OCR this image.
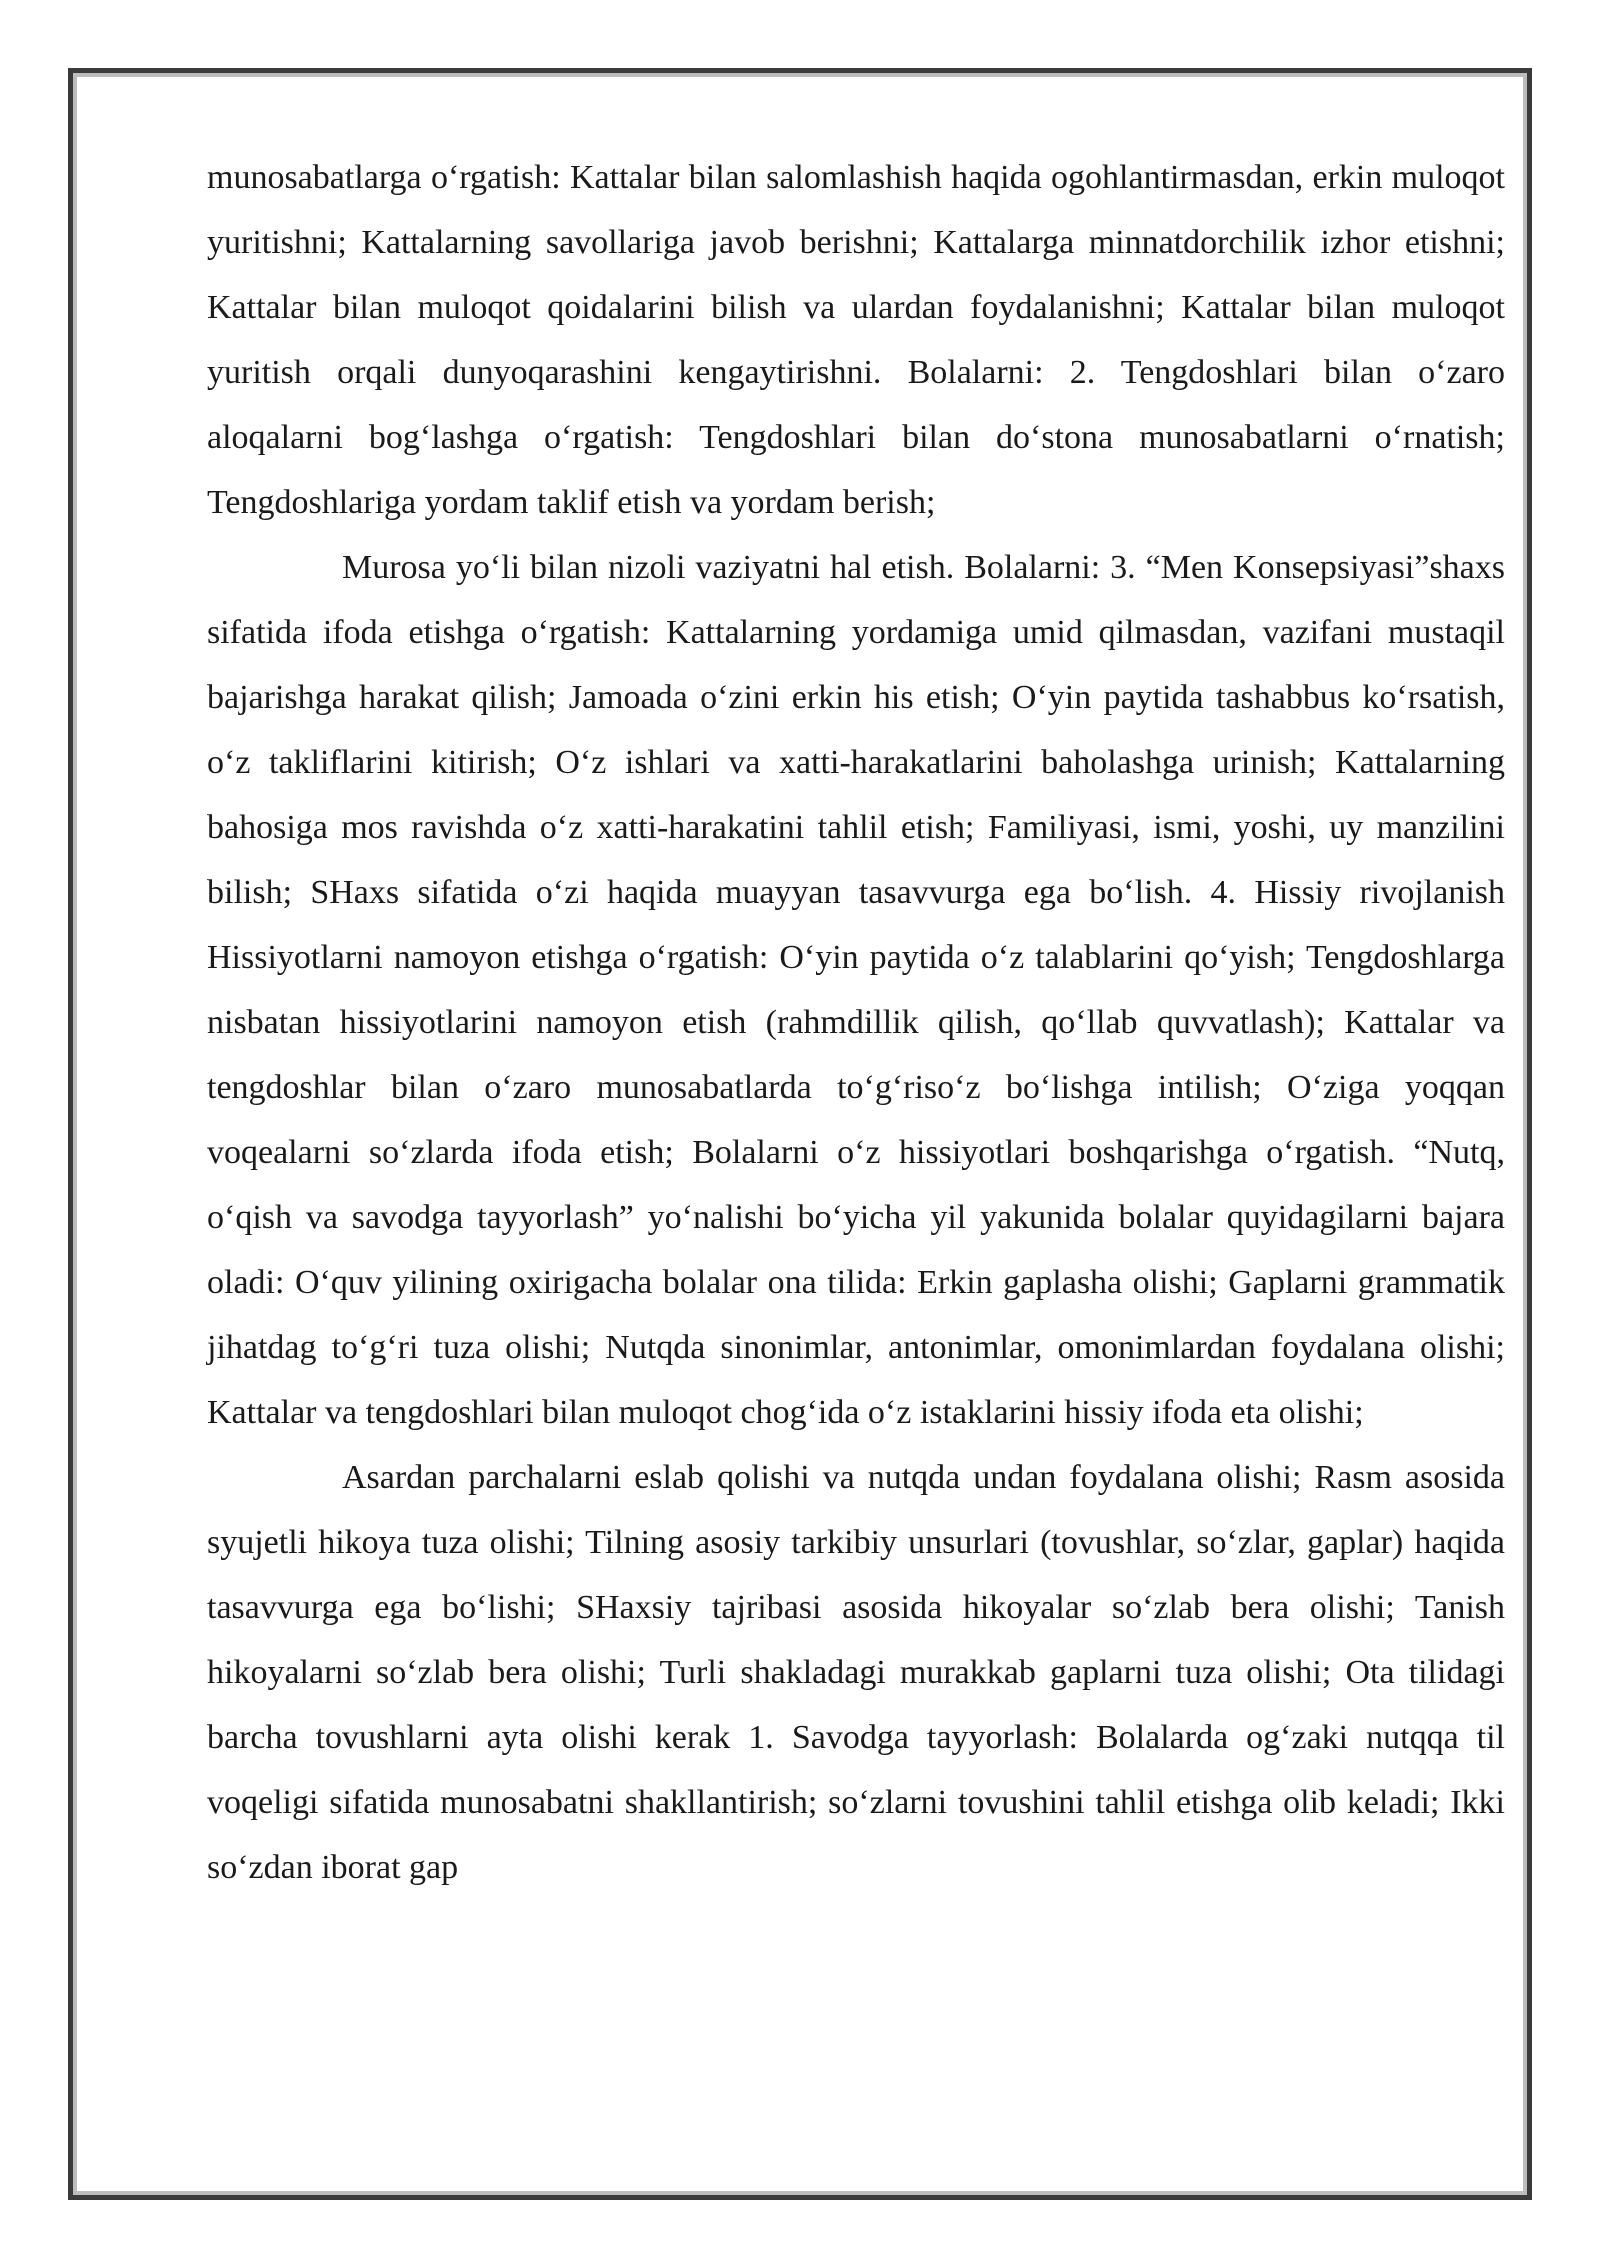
munosabatlarga o‘rgatish: Kattalar bilan salomlashish haqida ogohlantirmasdan, erkin muloqot yuritishni; Kattalarning savollariga javob berishni; Kattalarga minnatdorchilik izhor etishni; Kattalar bilan muloqot qoidalarini bilish va ulardan foydalanishni; Kattalar bilan muloqot yuritish orqali dunyoqarashini kengaytirishni. Bolalarni: 2. Tengdoshlari bilan o‘zaro aloqalarni bog‘lashga o‘rgatish: Tengdoshlari bilan do‘stona munosabatlarni o‘rnatish; Tengdoshlariga yordam taklif etish va yordam berish;

Murosa yo‘li bilan nizoli vaziyatni hal etish. Bolalarni: 3. “Men Konsepsiyasi”shaxs sifatida ifoda etishga o‘rgatish: Kattalarning yordamiga umid qilmasdan, vazifani mustaqil bajarishga harakat qilish; Jamoada o‘zini erkin his etish; O‘yin paytida tashabbus ko‘rsatish, o‘z takliflarini kitirish; O‘z ishlari va xatti-harakatlarini baholashga urinish; Kattalarning bahosiga mos ravishda o‘z xatti-harakatini tahlil etish; Familiyasi, ismi, yoshi, uy manzilini bilish; SHaxs sifatida o‘zi haqida muayyan tasavvurga ega bo‘lish. 4. Hissiy rivojlanish Hissiyotlarni namoyon etishga o‘rgatish: O‘yin paytida o‘z talablarini qo‘yish; Tengdoshlarga nisbatan hissiyotlarini namoyon etish (rahmdillik qilish, qo‘llab quvvatlash); Kattalar va tengdoshlar bilan o‘zaro munosabatlarda to‘g‘riso‘z bo‘lishga intilish; O‘ziga yoqqan voqealarni so‘zlarda ifoda etish; Bolalarni o‘z hissiyotlari boshqarishga o‘rgatish. “Nutq, o‘qish va savodga tayyorlash” yo‘nalishi bo‘yicha yil yakunida bolalar quyidagilarni bajara oladi: O‘quv yilining oxirigacha bolalar ona tilida: Erkin gaplasha olishi; Gaplarni grammatik jihatdag to‘g‘ri tuza olishi; Nutqda sinonimlar, antonimlar, omonimlardan foydalana olishi; Kattalar va tengdoshlari bilan muloqot chog‘ida o‘z istaklarini hissiy ifoda eta olishi;

Asardan parchalarni eslab qolishi va nutqda undan foydalana olishi; Rasm asosida syujetli hikoya tuza olishi; Tilning asosiy tarkibiy unsurlari (tovushlar, so‘zlar, gaplar) haqida tasavvurga ega bo‘lishi; SHaxsiy tajribasi asosida hikoyalar so‘zlab bera olishi; Tanish hikoyalarni so‘zlab bera olishi; Turli shakladagi murakkab gaplarni tuza olishi; Ota tilidagi barcha tovushlarni ayta olishi kerak 1. Savodga tayyorlash: Bolalarda og‘zaki nutqqa til voqeligi sifatida munosabatni shakllantirish; so‘zlarni tovushini tahlil etishga olib keladi; Ikki so‘zdan iborat gap
